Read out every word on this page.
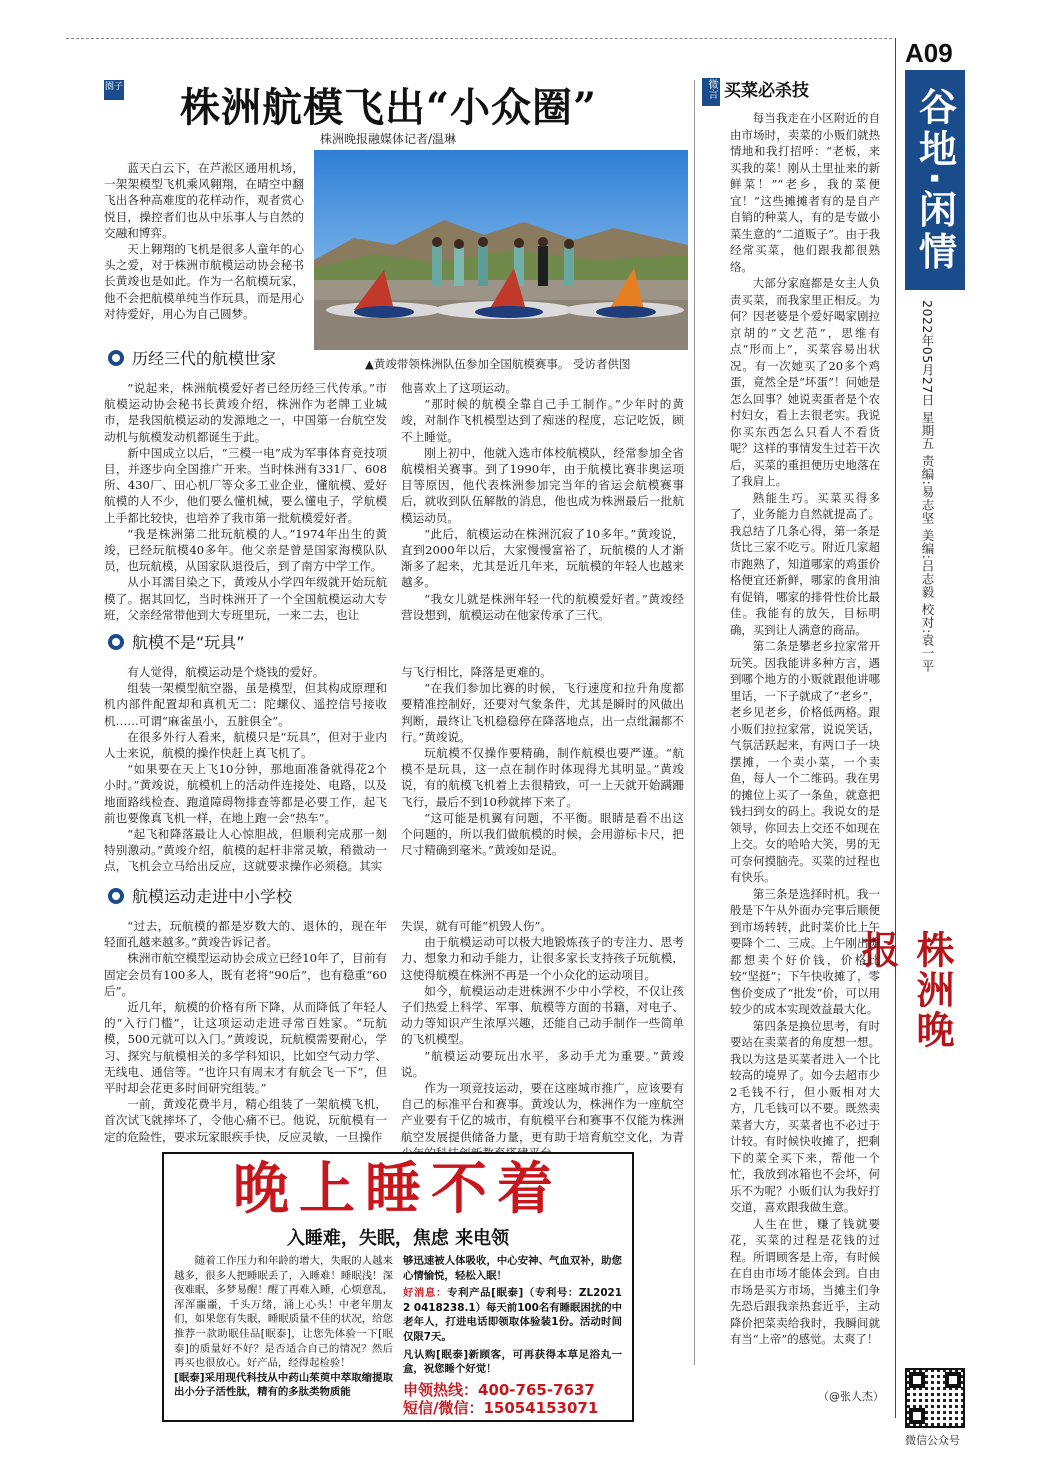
A09
谷地·闲情
2022年05月27日 星期五 责编:易志坚 美编:吕志毅 校对:袁一平
株洲晚报
微信公众号
圈子 株洲航模飞出“小众圈”
株洲晚报融媒体记者/温琳

蓝天白云下，在芦淞区通用机场，一架架模型飞机乘风翱翔，在晴空中翻飞出各种高难度的花样动作，观者赏心悦目，操控者们也从中乐事人与自然的交融和博弈。

天上翱翔的飞机是很多人童年的心头之爱，对于株洲市航模运动协会秘书长黄竣也是如此。作为一名航模玩家，他不会把航模单纯当作玩具，而是用心对待爱好，用心为自己圆梦。

▲黄竣带领株洲队伍参加全国航模赛事。 受访者供图
历经三代的航模世家

“说起来，株洲航模爱好者已经历经三代传承。”市航模运动协会秘书长黄竣介绍，株洲作为老牌工业城市，是我国航模运动的发源地之一，中国第一台航空发动机与航模发动机都诞生于此。

新中国成立以后，“三模一电”成为军事体育竞技项目，并逐步向全国推广开来。当时株洲有331厂、608所、430厂、田心机厂等众多工业企业，懂航模、爱好航模的人不少，他们要么懂机械，要么懂电子，学航模上手都比较快，也培养了我市第一批航模爱好者。

“我是株洲第二批玩航模的人。”1974年出生的黄竣，已经玩航模40多年。他父亲是曾是国家海模队队员，也玩航模，从国家队退役后，到了南方中学工作。

从小耳濡目染之下，黄竣从小学四年级就开始玩航模了。据其回忆，当时株洲开了一个全国航模运动大专班，父亲经常带他到大专班里玩，一来二去，也让

他喜欢上了这项运动。

“那时候的航模全靠自己手工制作。”少年时的黄竣，对制作飞机模型达到了痴迷的程度，忘记吃饭，顾不上睡觉。

刚上初中，他就入选市体校航模队，经常参加全省航模相关赛事。到了1990年，由于航模比赛非奥运项目等原因，他代表株洲参加完当年的省运会航模赛事后，就收到队伍解散的消息，他也成为株洲最后一批航模运动员。

“此后，航模运动在株洲沉寂了10多年。”黄竣说，直到2000年以后，大家慢慢富裕了，玩航模的人才渐渐多了起来，尤其是近几年来，玩航模的年轻人也越来越多。

“我女儿就是株洲年轻一代的航模爱好者。”黄竣经营设想到，航模运动在他家传承了三代。

航模不是“玩具”

有人觉得，航模运动是个烧钱的爱好。

组装一架模型航空器，虽是模型，但其构成原理和机内部件配置却和真机无二：陀螺仪、遥控信号接收机……可谓“麻雀虽小，五脏俱全”。

在很多外行人看来，航模只是“玩具”，但对于业内人士来说，航模的操作快赶上真飞机了。

“如果要在天上飞10分钟，那地面准备就得花2个小时。”黄竣说，航模机上的活动件连接处、电路，以及地面路线检查、跑道障碍物排查等都是必要工作，起飞前也要像真飞机一样，在地上跑一会“热车”。

“起飞和降落最让人心惊胆战，但顺利完成那一刻特别激动。”黄竣介绍，航模的起杆非常灵敏，稍微动一点，飞机会立马给出反应，这就要求操作必须稳。其实

与飞行相比，降落是更难的。

“在我们参加比赛的时候，飞行速度和拉升角度都要精准控制好，还要对气象条件，尤其是瞬时的风做出判断，最终让飞机稳稳停在降落地点，出一点纰漏都不行。”黄竣说。

玩航模不仅操作要精确，制作航模也要严谨。“航模不是玩具，这一点在制作时体现得尤其明显。”黄竣说，有的航模飞机着上去很精致，可一上天就开始蹒跚飞行，最后不到10秒就摔下来了。

“这可能是机翼有问题，不平衡。眼睛是看不出这个问题的，所以我们做航模的时候，会用游标卡尺，把尺寸精确到毫米。”黄竣如是说。

航模运动走进中小学校

“过去，玩航模的都是岁数大的、退休的，现在年轻面孔越来越多。”黄竣告诉记者。

株洲市航空模型运动协会成立已经10年了，目前有固定会员有100多人，既有老将“90后”，也有稳重“60后”。

近几年，航模的价格有所下降，从而降低了年轻人的“入行门槛”，让这项运动走进寻常百姓家。“玩航模，500元就可以入门。”黄竣说，玩航模需要耐心，学习、探究与航模相关的多学科知识，比如空气动力学、无线电、通信等。“也许只有周末才有航会飞一下”，但平时却会花更多时间研究组装。”

一前，黄竣花费半月，精心组装了一架航模飞机，首次试飞就摔坏了，令他心痛不已。他说，玩航模有一定的危险性，要求玩家眼疾手快，反应灵敏，一旦操作

失误，就有可能“机毁人伤”。

由于航模运动可以极大地锻炼孩子的专注力、思考力、想象力和动手能力，让很多家长支持孩子玩航模，这使得航模在株洲不再是一个小众化的运动项目。

如今，航模运动走进株洲不少中小学校，不仅让孩子们热爱上科学、军事、航模等方面的书籍，对电子、动力等知识产生浓厚兴趣，还能自己动手制作一些简单的飞机模型。

“航模运动要玩出水平，多动手尤为重要。”黄竣说。

作为一项竞技运动，要在这座城市推广，应该要有自己的标准平台和赛事。黄竣认为，株洲作为一座航空产业要有千亿的城市，有航模平台和赛事不仅能为株洲航空发展提供储备力量，更有助于培育航空文化，为青

微言 买菜必杀技

每当我走在小区附近的自由市场时，卖菜的小贩们就热情地和我打招呼：“老板，来买我的菜！刚从土里扯来的新鲜菜！”“老乡，我的菜便宜！”这些摊摊者有的是自产自销的种菜人，有的是专做小菜生意的“二道贩子”。由于我经常买菜，他们跟我都很熟络。

大部分家庭都是女主人负责买菜，而我家里正相反。为何？因老婆是个爱好喝家剧拉京胡的“文艺范”，思维有点“形而上”，买菜容易出状况。有一次她买了20多个鸡蛋，竟然全是“坏蛋”！问她是怎么回事？她说卖蛋者是个农村妇女，看上去很老实。我说你买东西怎么只看人不看货呢？这样的事情发生过若干次后，买菜的重担便历史地落在了我肩上。

熟能生巧。买菜买得多了，业务能力自然就提高了。我总结了几条心得，第一条是货比三家不吃亏。附近几家超市跑熟了，知道哪家的鸡蛋价格便宜还新鲜，哪家的食用油有促销，哪家的排骨性价比最佳。我能有的放矢，目标明确，买到让人满意的商品。

第二条是攀老乡拉家常开玩笑。因我能讲多种方言，遇到哪个地方的小贩就跟他讲哪里话，一下子就成了“老乡”，老乡见老乡，价格低两格。跟小贩们拉拉家常，说说笑话，气氛活跃起来，有两口子一块摆摊，一个卖小菜，一个卖鱼，每人一个二维码。我在男的摊位上买了一条鱼，就意把钱扫到女的码上。我说女的是领导，你回去上交还不如现在上交。女的哈哈大笑，男的无可奈何摸脑壳。买菜的过程也有快乐。

第三条是选择时机。我一般是下午从外面办完事后顺便到市场转转，此时菜价比上午要降个二、三成。上午刚出摊都想卖个好价钱，价格比较“坚挺”；下午快收摊了，零售价变成了“批发”价，可以用较少的成本实现效益最大化。

第四条是换位思考，有时要站在卖菜者的角度想一想。我以为这是买菜者进入一个比较高的境界了。如今去超市少2毛钱不行，但小贩相对大方，几毛钱可以不要。既然卖菜者大方，买菜者也不必过于计较。有时候快收摊了，把剩下的菜全买下来，帮他一个忙，我放到冰箱也不会坏，何乐不为呢？小贩们认为我好打交道，喜欢跟我做生意。

人生在世，赚了钱就要花，买菜的过程是花钱的过程。所谓顾客是上帝，有时候在自由市场才能体会到。自由市场是买方市场，当摊主们争先恐后跟我亲热套近乎，主动降价把菜卖给我时，我瞬间就有当“上帝”的感觉。太爽了！

（@张人杰）
晚上睡不着
入睡难，失眠，焦虑 来电领
随着工作压力和年龄的增大，失眠的人越来越多，很多人把睡眠丢了，入睡难！睡眠浅！深夜难眠，多梦易醒！醒了再难入睡，心烦意乱，浑浑噩噩，千头万绪，涌上心头！中老年朋友们，如果您有失眠，睡眠质量不佳的状况，给您推荐一款助眠佳品[眠泰]，让您先体验一下[眠泰]的质量好不好？是否适合自己的情况？然后再买也很放心。好产品，经得起检验！
[眠泰]采用现代科技从中药山茱萸中萃取缩提取出小分子活性肽，精有的多肽类物质能
够迅速被人体吸收，中心安神、气血双补，助您心情愉悦，轻松入眠！
好消息：专利产品[眠泰]（专利号：ZL2021 2 0418238.1）每天前100名有睡眠困扰的中老年人，打进电话即领取体验装1份。活动时间仅限7天。
凡认购[眠泰]新顾客，可再获得本草足浴丸一盒，祝您睡个好觉！
申领热线：400-765-7637
短信/微信：15054153071
